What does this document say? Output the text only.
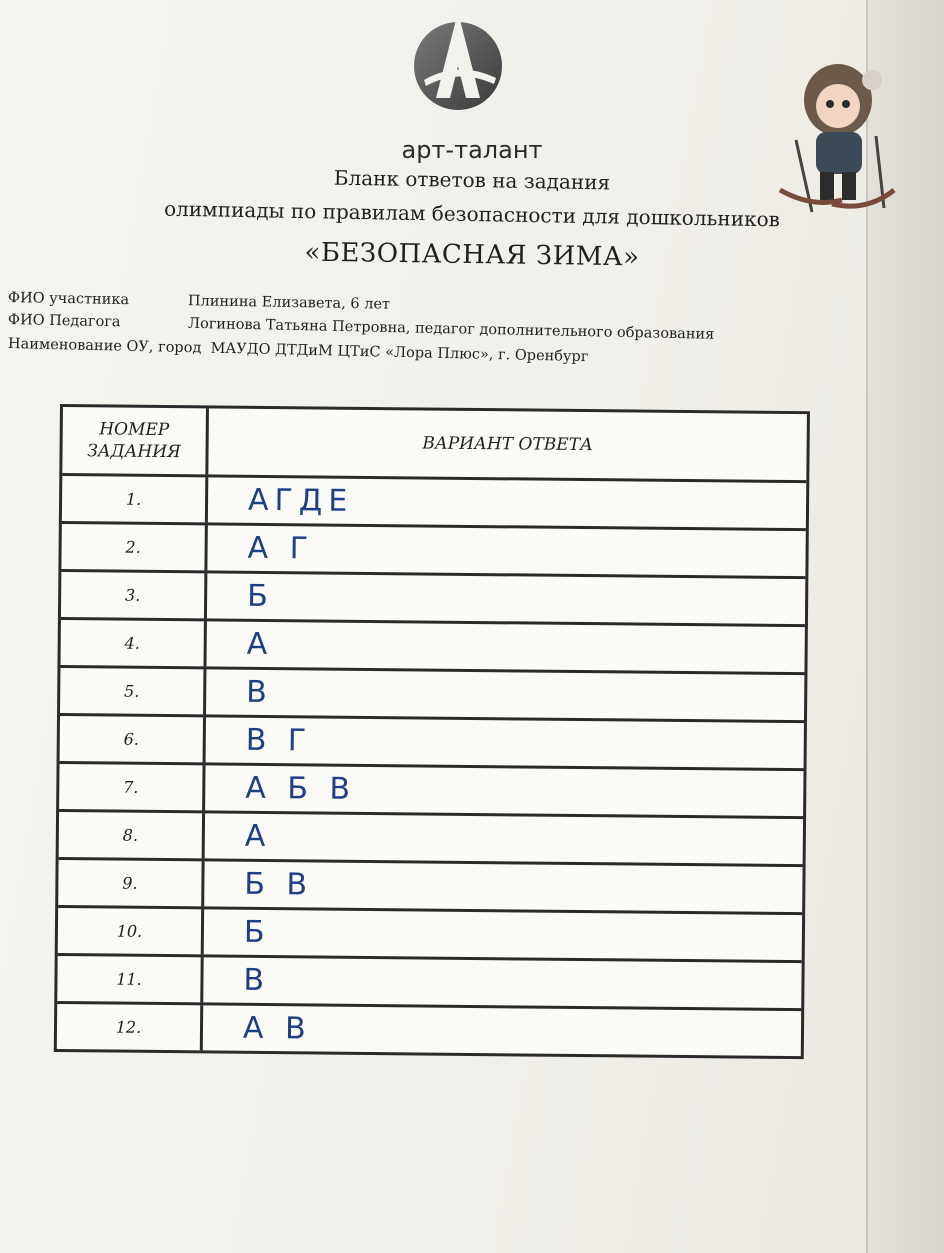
арт-талант
Бланк ответов на задания
олимпиады по правилам безопасности для дошкольников
«БЕЗОПАСНАЯ ЗИМА»
ФИО участника	Плинина Елизавета, 6 лет
ФИО Педагога	Логинова Татьяна Петровна, педагог дополнительного образования
Наименование ОУ, город МАУДО ДТДиМ ЦТиС «Лора Плюс», г. Оренбург
НОМЕР
ЗАДАНИЯ	ВАРИАНТ ОТВЕТА
1.	АГДЕ
2.	А Г
3.	Б
4.	А
5.	В
6.	В Г
7.	А Б В
8.	А
9.	Б В
10.	Б
11.	В
12.	А В
